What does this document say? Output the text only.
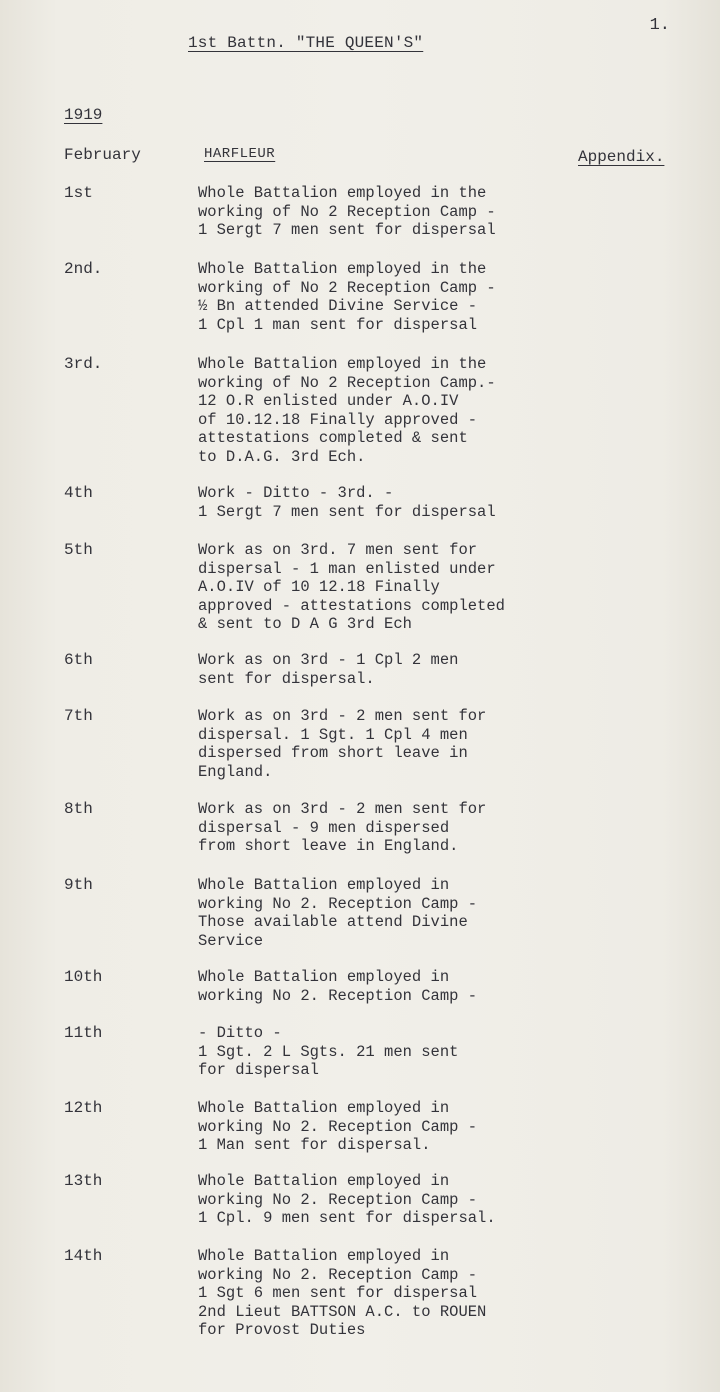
1.
1st Battn. "THE QUEEN'S"
1919
February	HARFLEUR	Appendix.
1st	Whole Battalion employed in the
working of No 2 Reception Camp -
1 Sergt 7 men sent for dispersal
2nd.	Whole Battalion employed in the
working of No 2 Reception Camp -
½ Bn attended Divine Service -
1 Cpl 1 man sent for dispersal
3rd.	Whole Battalion employed in the
working of No 2 Reception Camp.-
12 O.R enlisted under A.O.IV
of 10.12.18 Finally approved -
attestations completed & sent
to D.A.G. 3rd Ech.
4th	Work - Ditto - 3rd. -
1 Sergt 7 men sent for dispersal
5th	Work as on 3rd. 7 men sent for
dispersal - 1 man enlisted under
A.O.IV of 10 12.18 Finally
approved - attestations completed
& sent to D A G 3rd Ech
6th	Work as on 3rd - 1 Cpl 2 men
sent for dispersal.
7th	Work as on 3rd - 2 men sent for
dispersal. 1 Sgt. 1 Cpl 4 men
dispersed from short leave in
England.
8th	Work as on 3rd - 2 men sent for
dispersal - 9 men dispersed
from short leave in England.
9th	Whole Battalion employed in
working No 2. Reception Camp -
Those available attend Divine
Service
10th	Whole Battalion employed in
working No 2. Reception Camp -
11th	- Ditto -
1 Sgt. 2 L Sgts. 21 men sent
for dispersal
12th	Whole Battalion employed in
working No 2. Reception Camp -
1 Man sent for dispersal.
13th	Whole Battalion employed in
working No 2. Reception Camp -
1 Cpl. 9 men sent for dispersal.
14th	Whole Battalion employed in
working No 2. Reception Camp -
1 Sgt 6 men sent for dispersal
2nd Lieut BATTSON A.C. to ROUEN
for Provost Duties
